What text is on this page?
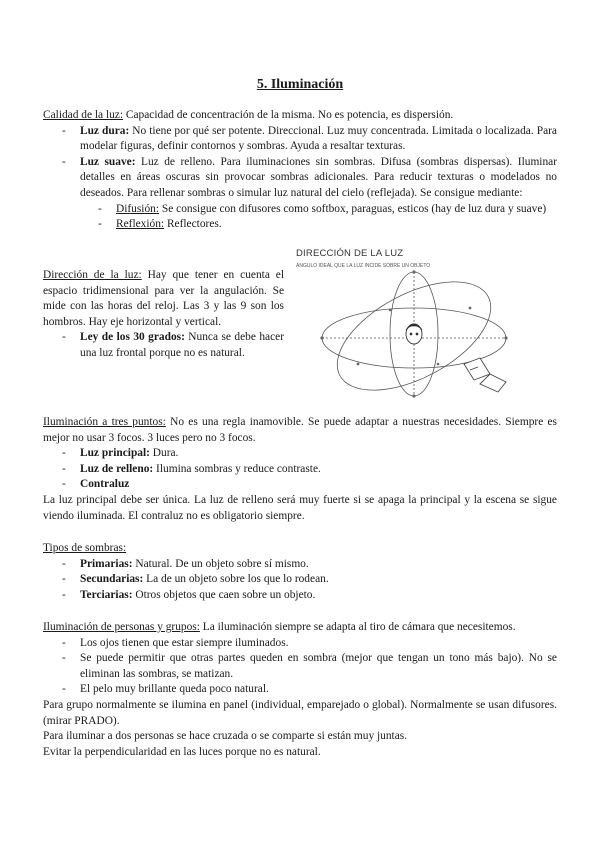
5. Iluminación

Calidad de la luz: Capacidad de concentración de la misma. No es potencia, es dispersión.

- Luz dura: No tiene por qué ser potente. Direccional. Luz muy concentrada. Limitada o localizada. Para modelar figuras, definir contornos y sombras. Ayuda a resaltar texturas.
- Luz suave: Luz de relleno. Para iluminaciones sin sombras. Difusa (sombras dispersas). Iluminar detalles en áreas oscuras sin provocar sombras adicionales. Para reducir texturas o modelados no deseados. Para rellenar sombras o simular luz natural del cielo (reflejada). Se consigue mediante:
- Difusión: Se consigue con difusores como softbox, paraguas, esticos (hay de luz dura y suave)
- Reflexión: Reflectores.

Dirección de la luz: Hay que tener en cuenta el espacio tridimensional para ver la angulación. Se mide con las horas del reloj. Las 3 y las 9 son los hombros. Hay eje horizontal y vertical.

- Ley de los 30 grados: Nunca se debe hacer una luz frontal porque no es natural.
DIRECCIÓN DE LA LUZ
ÁNGULO IDEAL QUE LA LUZ INCIDE SOBRE UN OBJETO

Iluminación a tres puntos: No es una regla inamovible. Se puede adaptar a nuestras necesidades. Siempre es mejor no usar 3 focos. 3 luces pero no 3 focos.

- Luz principal: Dura.
- Luz de relleno: Ilumina sombras y reduce contraste.
- Contraluz

La luz principal debe ser única. La luz de relleno será muy fuerte si se apaga la principal y la escena se sigue viendo iluminada. El contraluz no es obligatorio siempre.

Tipos de sombras:

- Primarias: Natural. De un objeto sobre sí mismo.
- Secundarias: La de un objeto sobre los que lo rodean.
- Terciarias: Otros objetos que caen sobre un objeto.

Iluminación de personas y grupos: La iluminación siempre se adapta al tiro de cámara que necesitemos.

- Los ojos tienen que estar siempre iluminados.
- Se puede permitir que otras partes queden en sombra (mejor que tengan un tono más bajo). No se eliminan las sombras, se matizan.
- El pelo muy brillante queda poco natural.

Para grupo normalmente se ilumina en panel (individual, emparejado o global). Normalmente se usan difusores. (mirar PRADO).

Para iluminar a dos personas se hace cruzada o se comparte si están muy juntas.

Evitar la perpendicularidad en las luces porque no es natural.
